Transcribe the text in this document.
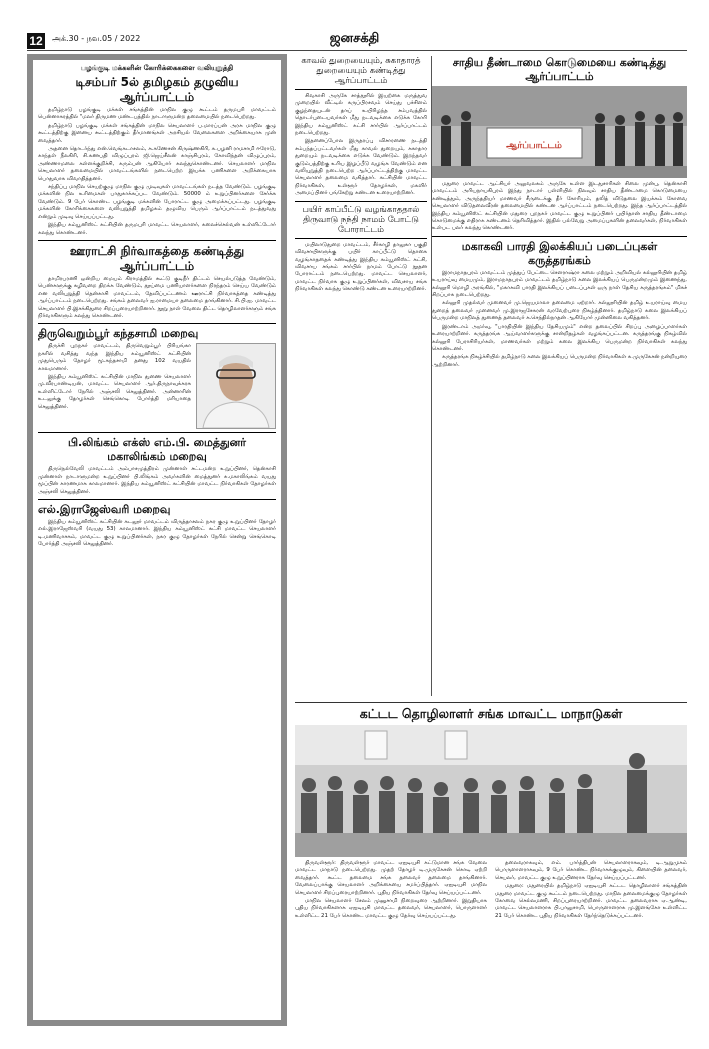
12 அக்.30 - நவ.05 / 2022	ஜனசக்தி
பழங்குடி மக்களின் கோரிக்கைகளை வலியுறுத்தி
டிசம்பர் 5ல் தமிழகம் தழுவிய ஆர்ப்பாட்டம்

தமிழ்நாடு பழங்குடி மக்கள் சங்கத்தின் மாநில குழு கூட்டம் தருமபுரி மாவட்டம் பென்னாகரத்தில் "மலர் திருமண மண்டபத்தில் நாடாளுமன்ற தலைமையில் நடைபெற்றது.

தமிழ்நாடு பழங்குடி மக்கள் சங்கத்தின் மாநில செயலாளர் ப.மாரப்பன் அரசு மாநில குழு கூட்டத்திற்கு இனைய கூட்டத்திற்கும் தீர்மானங்கள் அரசியல் வேலைகளை அறிக்கையாக முன் வைத்தார்.

அதனை தொடர்ந்து என்.வெங்கடாசலம், சு.கணேசன் கிருஷ்ணகிரி, க.பழனி ராமசாமி ஈரோடு, காந்தள் நீலகிரி, சி.கணபதி விழுப்புரம் ஜி.ஜெய்சீலன் காஞ்சிபுரம், கோவிந்தன் விழுப்புரம், அண்ணாமலை கள்ளக்குறிச்சி, கரும்பன் ஆகியோர் கலந்துகொண்டனர். செயலாளர் மாநில செயலாளர் தலைமையில் மாவட்டங்களில் நடைபெற்ற இயக்க பணிகளை அறிக்கையாக பொதுவாக விவாதித்தனர்.

சந்திப்பு மாநில செயற்குழு மாநில குழு முடிவுகள் மாவட்டங்கள் நடத்த வேண்டும். பழங்குடி மக்களின் நில உரிமைகள் பாதுகாக்கப்பட வேண்டும். 50000 ம் உறுப்பினர்களை சேர்க்க வேண்டும். 9 பேர் கொண்ட பழங்குடி மக்களின் போராட்ட குழு அமைக்கப்பட்டது. பழங்குடி மக்களின் கோரிக்கைகளை வலியுறுத்தி தமிழகம் தழுவிய பெரும் ஆர்ப்பாட்டம் நடத்துவது என்றும் முடிவு செய்யப்பட்டது.

இந்திய கம்யூனிஸ்ட் கட்சியின் தருமபுரி மாவட்ட செயலாளர், கலைச்செல்வன் உள்ளிட்டோர் கலந்து கொண்டனர்.

ஊராட்சி நிர்வாகத்தை கண்டித்து ஆர்ப்பாட்டம்

தாமிரபரணி ஒன்றிய மையம் கிராமத்தில் கூட்டு குடிநீர் திட்டம் செயல்படுத்த வேண்டும், பெண்களுக்கு கழிவறை திறக்க வேண்டும், தூய்மை பணியாளர்களை நிரந்தரம் செய்ய வேண்டும் என வலியுறுத்தி தென்காசி மாவட்டம், தேவிப்பட்டணம் ஊராட்சி நிர்வாகத்தை கண்டித்து ஆர்ப்பாட்டம் நடைபெற்றது. சங்கம் தலைவர் ஐ.ராமையா தலைமை தாங்கினார். சி.பி.ஐ. மாவட்ட செயலாளர் பி.இசக்கிதுரை சிறப்புரையாற்றினார். நூறு நாள் வேலை திட்ட தொழிலாளர்களும் சங்க நிர்வாகிகளும் கலந்து கொண்டனர்.

திருவெறும்பூர் கந்தசாமி மறைவு

திருச்சி புறநகர் மாவட்டம், திருவெறும்பூர் பிரியங்கா நகரில் வசித்து வந்த இந்திய கம்யூனிஸ்ட் கட்சியின் முதுபெரும் தோழர் மூ.கந்தசாமி தனது 102 வயதில் காலமானார்.

இந்திய கம்யூனிஸ்ட் கட்சியின் மாநில துணை செயலாளர் மு.வீரபாண்டியன், மாவட்ட செயலாளர் ஆர்.திருநாவுக்கரசு உள்ளிட்டோர் நேரில் அஞ்சலி செலுத்தினர். அன்னாரின் உடலுக்கு தோழர்கள் செங்கொடி போர்த்தி மரியாதை செலுத்தினர்.

பி.லிங்கம் எக்ஸ் எம்.பி. மைத்துனர் மகாலிங்கம் மறைவு

திருநெல்வேலி மாவட்டம் அம்பாசமுத்திரம் முன்னாள் சட்டமன்ற உறுப்பினர், தென்காசி முன்னாள் நாடாளுமன்ற உறுப்பினர் பி.லிங்கம் அவர்களின் மைத்துனர் சு.மகாலிங்கம் வயது மூப்பின் காரணமாக காலமானார். இந்திய கம்யூனிஸ்ட் கட்சியின் மாவட்ட நிர்வாகிகள் தோழர்கள் அஞ்சலி செலுத்தினர்.

எல்.இராஜேஸ்வரி மறைவு

இந்திய கம்யூனிஸ்ட் கட்சியின் கடலூர் மாவட்டம் விருத்தாசலம் நகர குழு உறுப்பினர் தோழர் எல்.இராஜேஸ்வரி (வயது 53) காலமானார். இந்திய கம்யூனிஸ்ட் கட்சி மாவட்ட செயலாளர் டி.மணிவாசகம், மாவட்ட குழு உறுப்பினர்கள், நகர குழு தோழர்கள் நேரில் சென்று செங்கொடி போர்த்தி அஞ்சலி செலுத்தினர்.

காவல் துறையையும், சுகாதாரத் துறையையும் கண்டித்து ஆர்ப்பாட்டம்

சிவகாசி அருகே சாத்தூரில் இயற்கை மருத்துவ முறையில் வீட்டில் கருப்பிரசவம் செய்து பச்சிளம் குழந்தையுடன் தாய் உயிரிழந்த சம்பவத்தில் தொடர்புடையவர்கள் மீது நடவடிக்கை எடுக்க கோரி இந்திய கம்யூனிஸ்ட் கட்சி சார்பில் ஆர்ப்பாட்டம் நடைபெற்றது.

இதனைப்போல இருதரப்பு விசாரணை நடத்தி சம்பந்தப்பட்டவர்கள் மீது காவல் துறையும், சுகாதார துறையும் நடவடிக்கை எடுக்க வேண்டும். இறந்தவர் குடும்பத்திற்கு உரிய இழப்பீடு வழங்க வேண்டும் என வலியுறுத்தி நடைபெற்ற ஆர்ப்பாட்டத்திற்கு மாவட்ட செயலாளர் தலைமை வகித்தார். கட்சியின் மாவட்ட நிர்வாகிகள், உள்ளூர் தோழர்கள், மகளிர் அமைப்பினர் பங்கேற்று கண்டன உரையாற்றினர்.

பயிர் காப்பீட்டு வழங்காததால் திருவாடு நந்தி நாமம் போட்டு போராட்டம்

மயிலாடுதுறை மாவட்டம், சீர்காழி தாலுகா பகுதி விவசாயிகளுக்கு பயிர் காப்பீட்டு தொகை வழங்காததைக் கண்டித்து இந்திய கம்யூனிஸ்ட் கட்சி, விவசாய சங்கம் சார்பில் நாமம் போட்டு நூதன போராட்டம் நடைபெற்றது. மாவட்ட செயலாளர், மாவட்ட நிர்வாக குழு உறுப்பினர்கள், விவசாய சங்க நிர்வாகிகள் கலந்து கொண்டு கண்டன உரையாற்றினர்.

சாதிய தீண்டாமை கொடுமையை கண்டித்து ஆர்ப்பாட்டம்
ஆர்ப்பாட்டம்

மதுரை மாவட்ட ஆட்சியர் அலுவலகம் அருகே உள்ள இடதுசாரிகள் சிலை முன்பு, தென்காசி மாவட்டம் அரியநாயகிபுரம் இந்து நாடார் பள்ளியில் நிலவும் சாதிய தீண்டாமை கொடுமையை கண்டித்தும், அருந்ததியர் மாணவர் சீருடைக்கு தீர் கோரியும், தலித் விடுதலை இயக்கம் கோவை செயலாளர் விடுதலைவீரன் தலைமையில் கண்டன ஆர்ப்பாட்டம் நடைபெற்றது. இந்த ஆர்ப்பாட்டத்தில் இந்திய கம்யூனிஸ்ட் கட்சியின் மதுரை புறநகர் மாவட்ட குழு உறுப்பினர் புயிர்தான் சாதிய தீண்டாமை கொடுமைக்கு எதிராக கண்டனம் தெரிவித்தார். இதில் பல்வேறு அமைப்புகளின் தலைவர்கள், நிர்வாகிகள் உள்பட பலர் கலந்து கொண்டனர்.

மகாகவி பாரதி இலக்கியப் படைப்புகள் கருத்தரங்கம்

இராமநாதபுரம் மாவட்டம் முத்துப் பேட்டை சௌராஷ்ரா கலை மற்றும் அறிவியல் கல்லூரியின் தமிழ் உயராய்வு மையமும், இராமநாதபுரம் மாவட்டம் தமிழ்நாடு கலை இலக்கியப் பெருமன்றமும் இணைந்து, கல்லூரி மொழி அரங்கில், "மகாகவி பாரதி இலக்கியப் படைப்புகள் ஒரு நாள் தேசிய கருத்தரங்கம்" மிகச் சிறப்பாக நடைபெற்றது.

கல்லூரி முதல்வர் முனைவர் மு.ஜெயமாலா தலைமை ஏற்றார். கல்லூரியின் தமிழ் உயராய்வு மைய துறைத் தலைவர் முனைவர் மு.இராஜசேகரன் வரவேற்புரை நிகழ்த்தினார். தமிழ்நாடு கலை இலக்கியப் பெருமன்ற மாநிலத் துணைத் தலைவர் க.செந்தில்நாதன் ஆகியோர் முன்னிலை வகித்தனர்.

இரண்டாம் அமர்வு, "பாரதியின் இந்திய தேசியமும்" என்ற தலைப்பில் சிறப்பு அழைப்பாளர்கள் உரையாற்றினர். கருத்தரங்க ஆய்வாளர்களுக்கு சான்றிதழ்கள் வழங்கப்பட்டன. கருத்தரங்கு நிகழ்வில் கல்லூரி பேராசிரியர்கள், மாணவர்கள் மற்றும் கலை இலக்கிய பெருமன்ற நிர்வாகிகள் கலந்து கொண்டனர்.

கருத்தரங்க நிகழ்ச்சியில் தமிழ்நாடு கலை இலக்கியப் பெருமன்ற நிர்வாகிகள் க.முருகேசன் நன்றியுரை ஆற்றினார்.

கட்டட தொழிலாளர் சங்க மாவட்ட மாநாடுகள்

திருவள்ளூர்: திருவள்ளூர் மாவட்ட ஏஐடியுசி கட்டுமான சங்க வேலை மாவட்ட மாநாடு நடைபெற்றது. முதற் தோழர் டி.முருகேசன் கொடி ஏற்றி வைத்தார். கூட்ட தலைமை சங்க தலைவர் தலைமை தாங்கினார். வேலைப்பாக்கு செயலாளர் அறிக்கையை சமர்ப்பித்தார். ஏஐடியுசி மாநில செயலாளர் சிறப்புரையாற்றினார். புதிய நிர்வாகிகள் தேர்வு செய்யப்பட்டனர்.

மாநில செயலாளர் சேலம் முனுசாமி நிறைவுரை ஆற்றினார். இறுதியாக புதிய நிர்வாகிகளாக ஏஐடியுசி மாவட்ட தலைவர், செயலாளர், பொருளாளர் உள்ளிட்ட 21 பேர் கொண்ட மாவட்ட குழு தேர்வு செய்யப்பட்டது.

தலைவராகவும், எம். பார்த்திபன் செயலாளராகவும், டி.ஆறுமுகம் பொருளாளராகவும், 9 பேர் கொண்ட நிர்வாகக்குழுவும், கிளையின் தலைவர், செயலர், மாவட்ட குழு உறுப்பினராக தேர்வு செய்யப்பட்டனர்.

மதுரை: மதுரையில் தமிழ்நாடு ஏஐடியுசி கட்டட தொழிலாளர் சங்கத்தின் மதுரை மாவட்ட குழு கூட்டம் நடைபெற்றது. மாநில தலைமைக்குழு தோழர்கள் கோவை செல்லமணி, சிறப்புரையாற்றினர். மாவட்ட தலைவராக ஏ.ஆண்டி, மாவட்ட செயலாளராக பி.பாலுசாமி, பொருளாளராக மு.இளங்கோ உள்ளிட்ட 21 பேர் கொண்ட புதிய நிர்வாகிகள் தேர்ந்தெடுக்கப்பட்டனர்.
